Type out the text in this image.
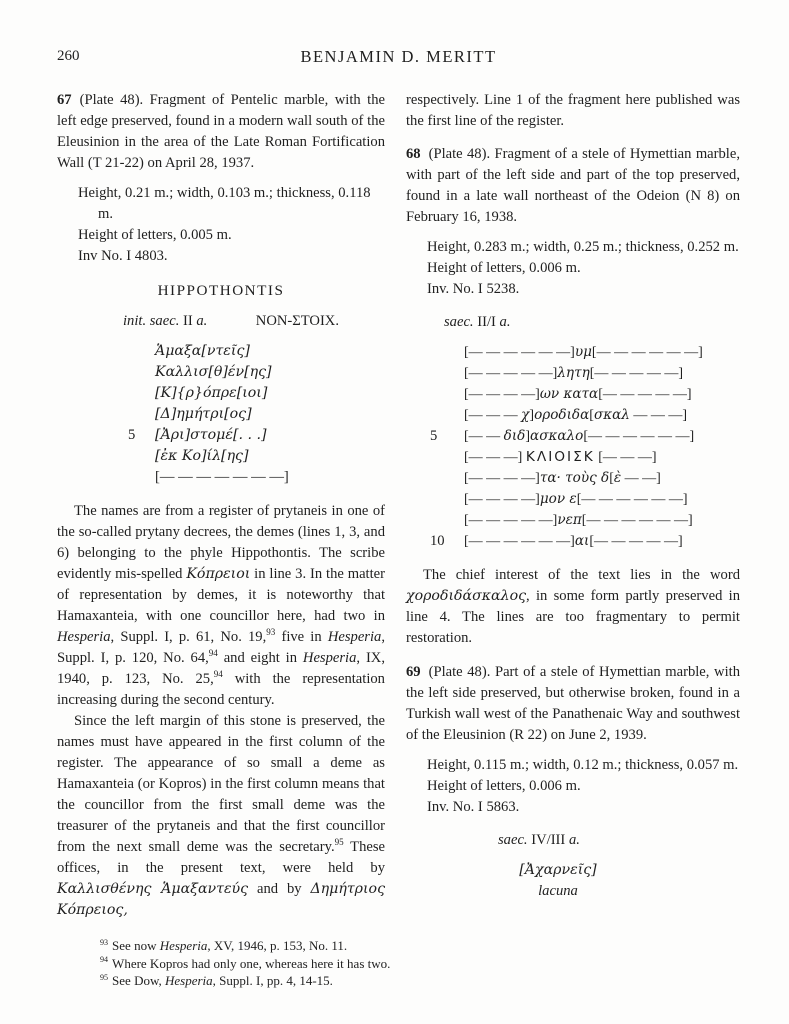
260	BENJAMIN D. MERITT

67 (Plate 48). Fragment of Pentelic marble, with the left edge preserved, found in a modern wall south of the Eleusinion in the area of the Late Roman Fortification Wall (T 21-22) on April 28, 1937.

Height, 0.21 m.; width, 0.103 m.; thickness, 0.118 m.
Height of letters, 0.005 m.
Inv No. I 4803.
HIPPOTHONTIS
init. saec. II a.	NON-ΣΤΟΙΧ.
Ἁμαξα[ντεῖς]
Καλλισ[θ]έν[ης]
[Κ]{ρ}όπρε[ιοι]
[Δ]ημήτρι[ος]
5	[Ἀρι]στομέ[. . .]
[ἐκ Κο]ίλ[ης]
[— — — — — — —]

The names are from a register of prytaneis in one of the so-called prytany decrees, the demes (lines 1, 3, and 6) belonging to the phyle Hippothontis. The scribe evidently mis-spelled Κόπρειοι in line 3. In the matter of representation by demes, it is noteworthy that Hamaxanteia, with one councillor here, had two in Hesperia, Suppl. I, p. 61, No. 19,93 five in Hesperia, Suppl. I, p. 120, No. 64,94 and eight in Hesperia, IX, 1940, p. 123, No. 25,94 with the representation increasing during the second century.

Since the left margin of this stone is preserved, the names must have appeared in the first column of the register. The appearance of so small a deme as Hamaxanteia (or Kopros) in the first column means that the councillor from the first small deme was the treasurer of the prytaneis and that the first councillor from the next small deme was the secretary.$^{95}$ These offices, in the present text, were held by Καλλισθένης Ἁμαξαντεύς and by Δημήτριος Κόπρειος,

respectively. Line 1 of the fragment here published was the first line of the register.

68 (Plate 48). Fragment of a stele of Hymettian marble, with part of the left side and part of the top preserved, found in a late wall northeast of the Odeion (N 8) on February 16, 1938.

Height, 0.283 m.; width, 0.25 m.; thickness, 0.252 m.
Height of letters, 0.006 m.
Inv. No. I 5238.
saec. II/I a.
[— — — — — —]υμ[— — — — — —]
[— — — — —]λητη[— — — — —]
[— — — —]ων κατα[— — — — —]
[— — — χ]οροδιδα[σκαλ — — —]
5	[— — διδ]ασκαλο[— — — — — —]
[— — —] ΚΛΙΟΙΣΚ [— — —]
[— — — —]τα· τοὺς δ[ὲ — —]
[— — — —]μον ε[— — — — — —]
[— — — — —]νεπ[— — — — — —]
10	[— — — — — —]αι[— — — — —]

The chief interest of the text lies in the word χοροδιδάσκαλος, in some form partly preserved in line 4. The lines are too fragmentary to permit restoration.

69 (Plate 48). Part of a stele of Hymettian marble, with the left side preserved, but otherwise broken, found in a Turkish wall west of the Panathenaic Way and southwest of the Eleusinion (R 22) on June 2, 1939.

Height, 0.115 m.; width, 0.12 m.; thickness, 0.057 m.
Height of letters, 0.006 m.
Inv. No. I 5863.
saec. IV/III a.
[Ἀχαρνεῖς]
lacuna
$^{93}$ See now Hesperia, XV, 1946, p. 153, No. 11.
$^{94}$ Where Kopros had only one, whereas here it has two.
$^{95}$ See Dow, Hesperia, Suppl. I, pp. 4, 14-15.
